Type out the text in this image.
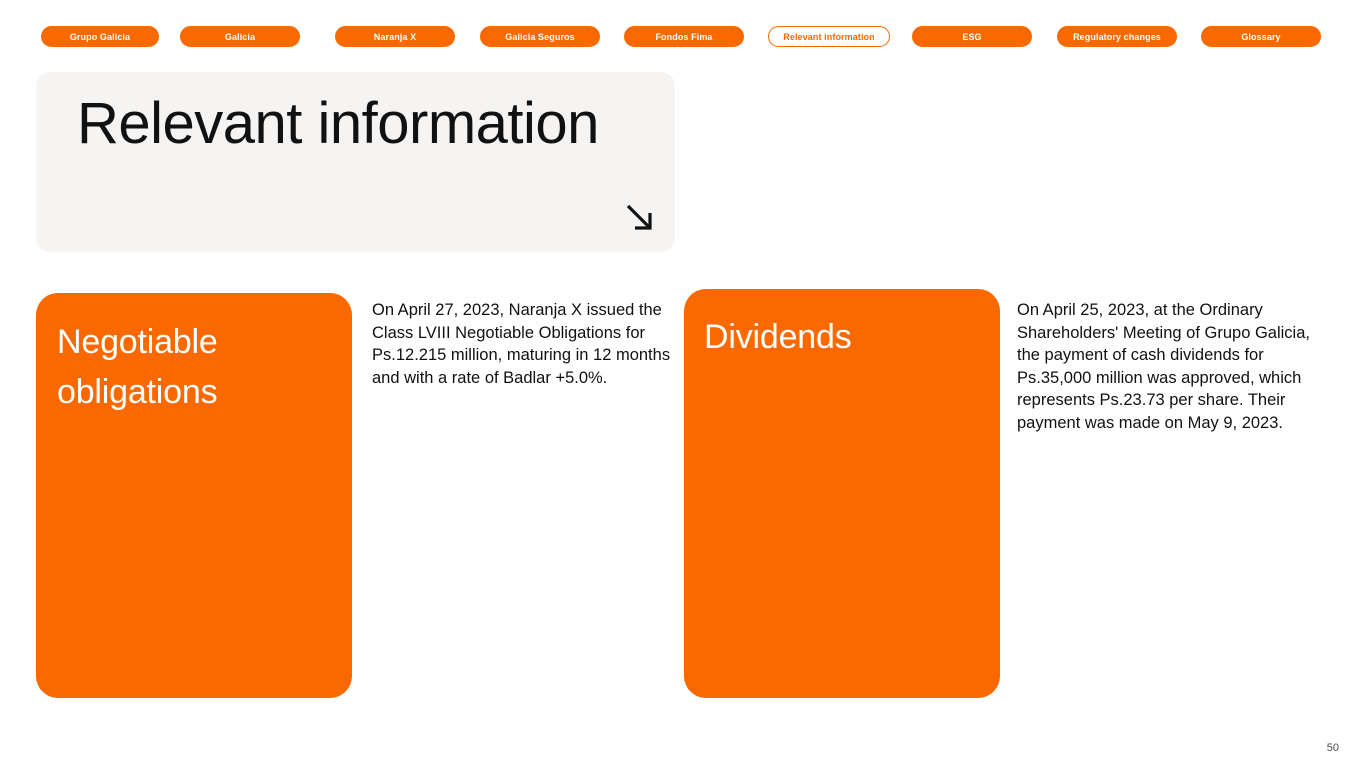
Grupo Galicia	Galicia	Naranja X	Galicia Seguros	Fondos Fima	Relevant information	ESG	Regulatory changes	Glossary
Relevant information
Negotiable obligations
On April 27, 2023, Naranja X issued the Class LVIII Negotiable Obligations for Ps.12.215 million, maturing in 12 months and with a rate of Badlar +5.0%.
Dividends
On April 25, 2023, at the Ordinary Shareholders' Meeting of Grupo Galicia, the payment of cash dividends for Ps.35,000 million was approved, which represents Ps.23.73 per share. Their payment was made on May 9, 2023.
50
